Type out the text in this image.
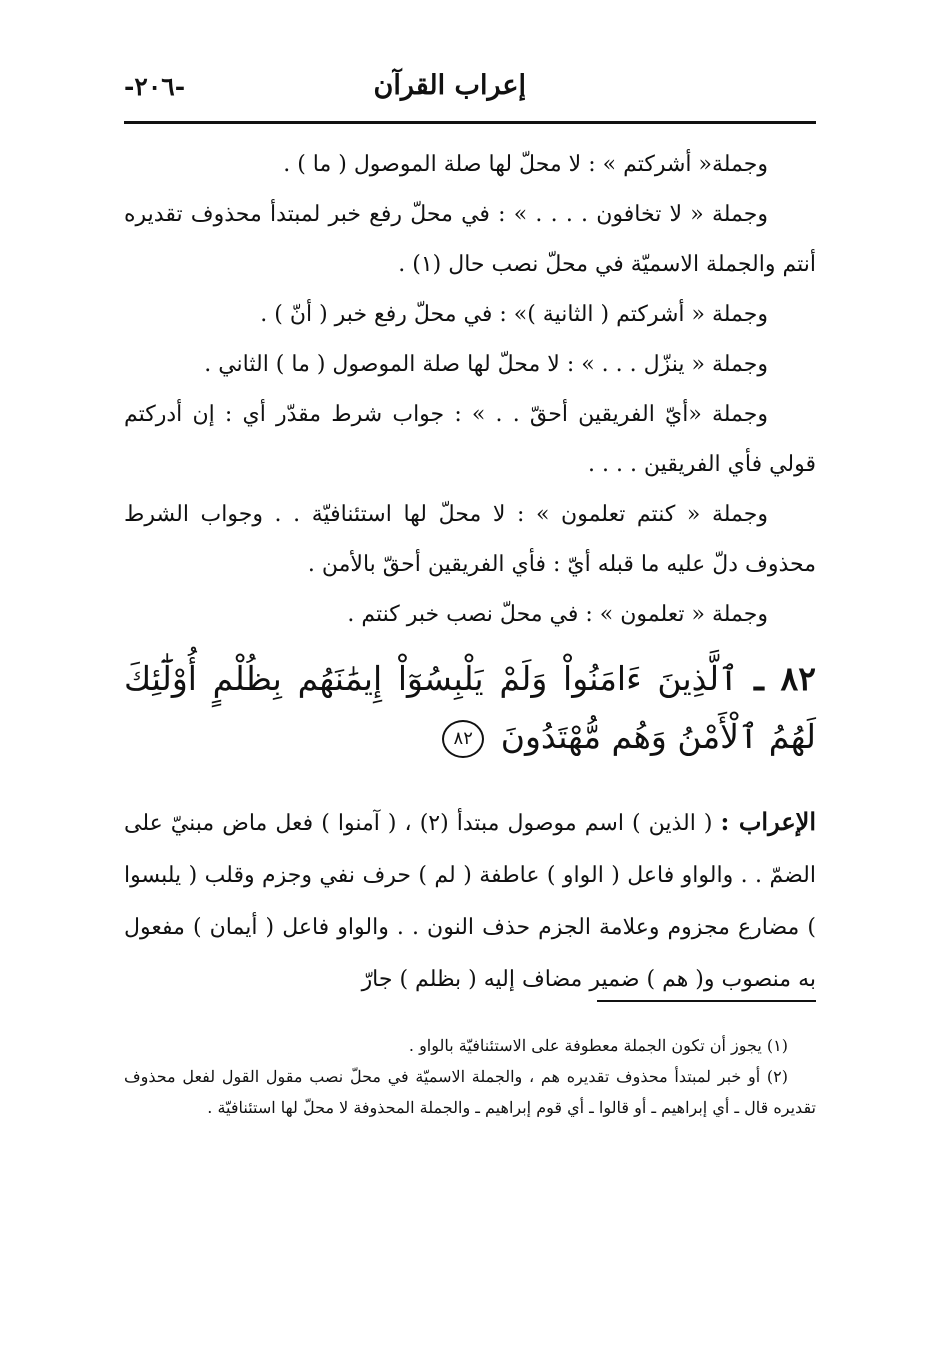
إعراب القرآن
-٢٠٦-

وجملة« أشركتم » : لا محلّ لها صلة الموصول ( ما ) .

وجملة « لا تخافون . . . . » : في محلّ رفع خبر لمبتدأ محذوف تقديره أنتم والجملة الاسميّة في محلّ نصب حال (١) .

وجملة « أشركتم ( الثانية )» : في محلّ رفع خبر ( أنّ ) .

وجملة « ينزّل . . . » : لا محلّ لها صلة الموصول ( ما ) الثاني .

وجملة «أيّ الفريقين أحقّ . . » : جواب شرط مقدّر أي : إن أدركتم قولي فأي الفريقين . . . .

وجملة « كنتم تعلمون » : لا محلّ لها استئنافيّة . . وجواب الشرط محذوف دلّ عليه ما قبله أيّ : فأي الفريقين أحقّ بالأمن .

وجملة « تعلمون » : في محلّ نصب خبر كنتم .

٨٢ ـ ٱلَّذِينَ ءَامَنُواْ وَلَمْ يَلْبِسُوٓاْ إِيمَٰنَهُم بِظُلْمٍ أُوْلَٰٓئِكَ لَهُمُ ٱلْأَمْنُ وَهُم مُّهْتَدُونَ ٨٢
الإعراب : ( الذين ) اسم موصول مبتدأ (٢) ، ( آمنوا ) فعل ماض مبنيّ على الضمّ . . والواو فاعل ( الواو ) عاطفة ( لم ) حرف نفي وجزم وقلب ( يلبسوا ) مضارع مجزوم وعلامة الجزم حذف النون . . والواو فاعل ( أيمان ) مفعول به منصوب و( هم ) ضمير مضاف إليه ( بظلم ) جارّ

(١) يجوز أن تكون الجملة معطوفة على الاستئنافيّة بالواو .

(٢) أو خبر لمبتدأ محذوف تقديره هم ، والجملة الاسميّة في محلّ نصب مقول القول لفعل محذوف تقديره قال ـ أي إبراهيم ـ أو قالوا ـ أي قوم إبراهيم ـ والجملة المحذوفة لا محلّ لها استئنافيّة .
